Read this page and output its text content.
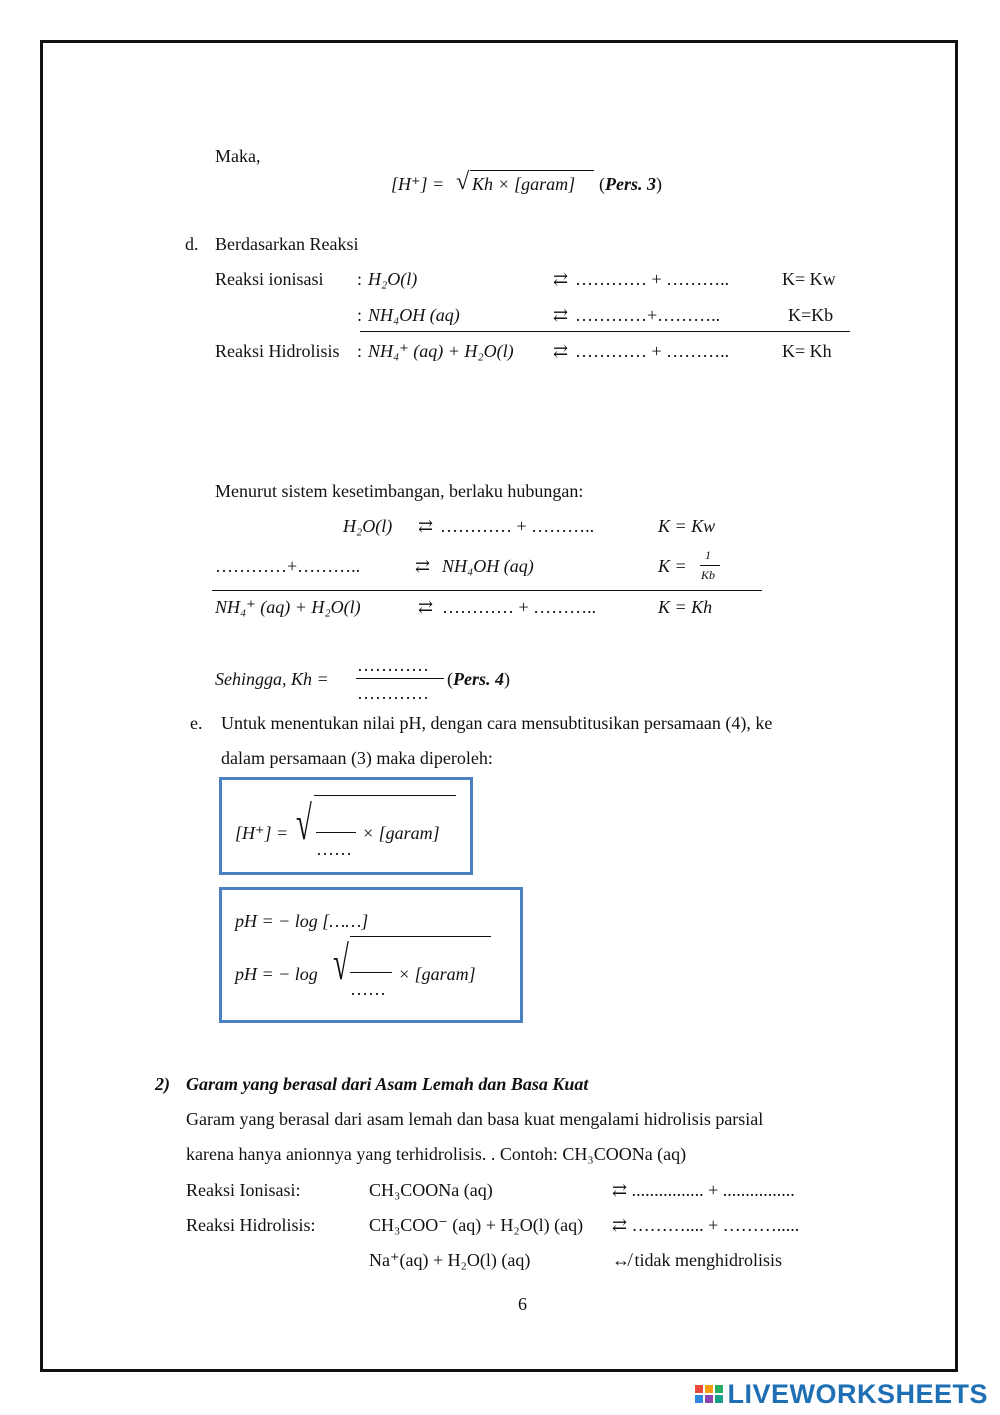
Maka,
[H⁺] = √ Kh × [garam] (Pers. 3)
d. Berdasarkan Reaksi
Reaksi ionisasi : H₂O(l)	⇄ ………… + ………..	K= Kw
: NH₄OH (aq)	⇄ …………+………..	K=Kb
Reaksi Hidrolisis : NH₄⁺ (aq) + H₂O(l) ⇄ ………… + ………..	K= Kh
Menurut sistem kesetimbangan, berlaku hubungan:
H₂O(l) ⇄ ………… + ………..	K = Kw
…………+………..	⇄ NH₄OH (aq)	K =
1
Kb
NH₄⁺ (aq) + H₂O(l)	⇄ ………… + ………..	K = Kh
Sehingga, Kh =
…………
…………
(Pers. 4)
e. Untuk menentukan nilai pH, dengan cara mensubtitusikan persamaan (4), ke
dalam persamaan (3) maka diperoleh:
[H⁺] = √ ……
× [garam]
pH = − log [……]
pH = − log √ ……
× [garam]
2) Garam yang berasal dari Asam Lemah dan Basa Kuat
Garam yang berasal dari asam lemah dan basa kuat mengalami hidrolisis parsial
karena hanya anionnya yang terhidrolisis. . Contoh: CH₃COONa (aq)
Reaksi Ionisasi:	CH₃COONa (aq)	⇄ ................ + ................
Reaksi Hidrolisis:	CH₃COO⁻ (aq) + H₂O(l) (aq) ⇄ ……….... + ……….....
Na⁺(aq) + H₂O(l) (aq)	↮ tidak menghidrolisis
6
LIVEWORKSHEETS
